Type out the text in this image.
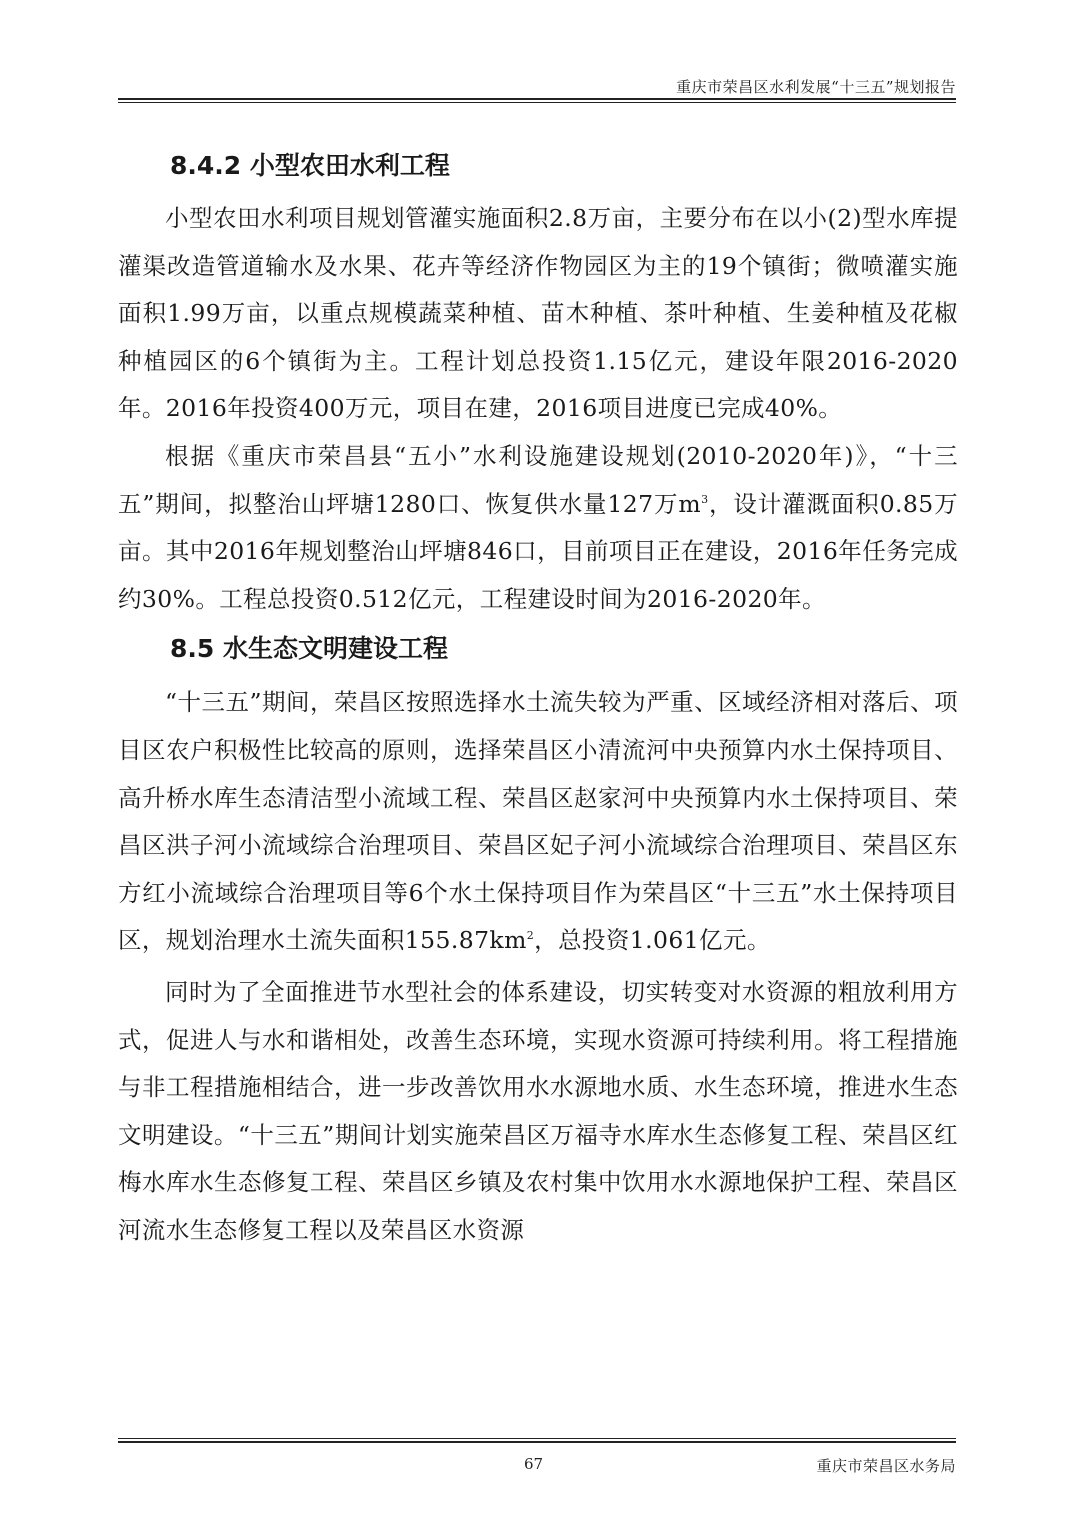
重庆市荣昌区水利发展“十三五”规划报告
8.4.2 小型农田水利工程

小型农田水利项目规划管灌实施面积2.8万亩，主要分布在以小(2)型水库提灌渠改造管道输水及水果、花卉等经济作物园区为主的19个镇街；微喷灌实施面积1.99万亩，以重点规模蔬菜种植、苗木种植、茶叶种植、生姜种植及花椒种植园区的6个镇街为主。工程计划总投资1.15亿元，建设年限2016-2020年。2016年投资400万元，项目在建，2016项目进度已完成40%。

根据《重庆市荣昌县“五小”水利设施建设规划(2010-2020年)》，“十三五”期间，拟整治山坪塘1280口、恢复供水量127万$m^3$，设计灌溉面积0.85万亩。其中2016年规划整治山坪塘846口，目前项目正在建设，2016年任务完成约30%。工程总投资0.512亿元，工程建设时间为2016-2020年。

8.5 水生态文明建设工程

“十三五”期间，荣昌区按照选择水土流失较为严重、区域经济相对落后、项目区农户积极性比较高的原则，选择荣昌区小清流河中央预算内水土保持项目、高升桥水库生态清洁型小流域工程、荣昌区赵家河中央预算内水土保持项目、荣昌区洪子河小流域综合治理项目、荣昌区妃子河小流域综合治理项目、荣昌区东方红小流域综合治理项目等6个水土保持项目作为荣昌区“十三五”水土保持项目区，规划治理水土流失面积$155.87km^2$，总投资1.061亿元。

同时为了全面推进节水型社会的体系建设，切实转变对水资源的粗放利用方式，促进人与水和谐相处，改善生态环境，实现水资源可持续利用。将工程措施与非工程措施相结合，进一步改善饮用水水源地水质、水生态环境，推进水生态文明建设。“十三五”期间计划实施荣昌区万福寺水库水生态修复工程、荣昌区红梅水库水生态修复工程、荣昌区乡镇及农村集中饮用水水源地保护工程、荣昌区河流水生态修复工程以及荣昌区水资源

67	重庆市荣昌区水务局
